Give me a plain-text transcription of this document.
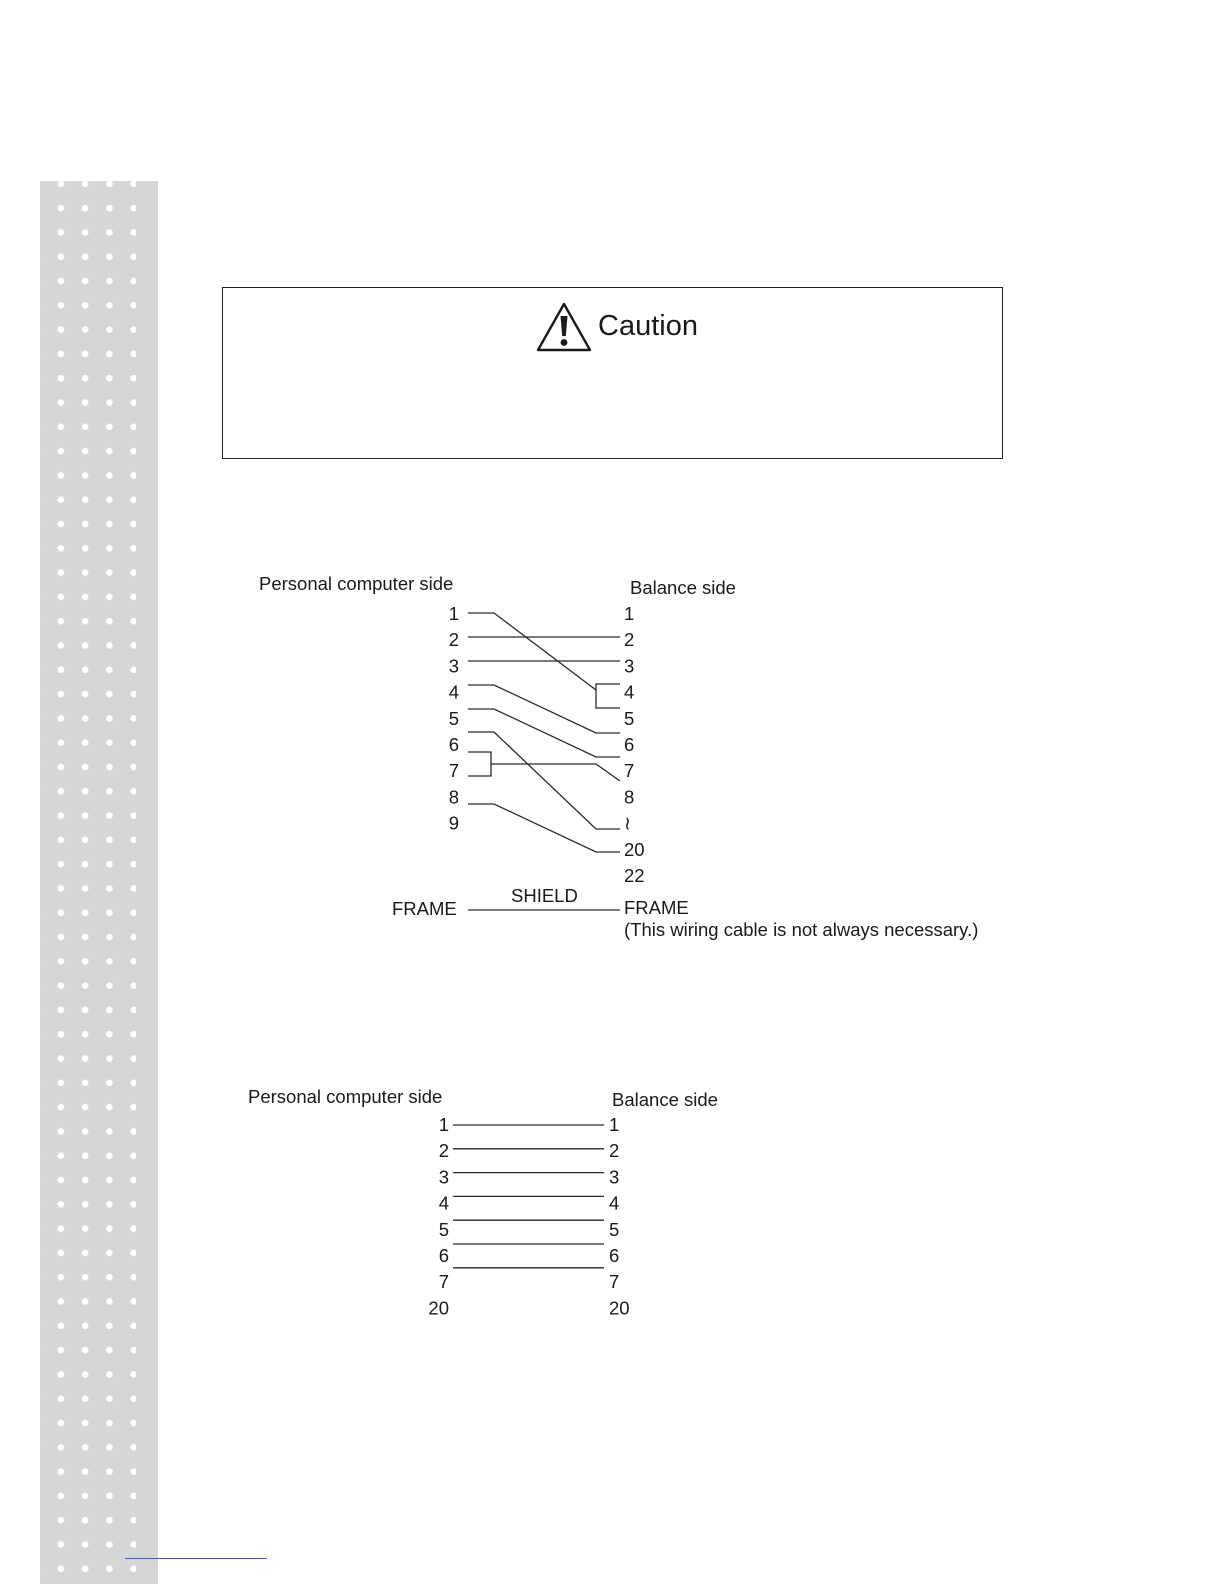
Caution
Personal computer side	Balance side
1
2
3
4
5
6
7
8
9
1
2
3
4
5
6
7
8
≀
20
22
FRAME
SHIELD
FRAME
(This wiring cable is not always necessary.)
Personal computer side	Balance side
1
2
3
4
5
6
7
20
1
2
3
4
5
6
7
20
